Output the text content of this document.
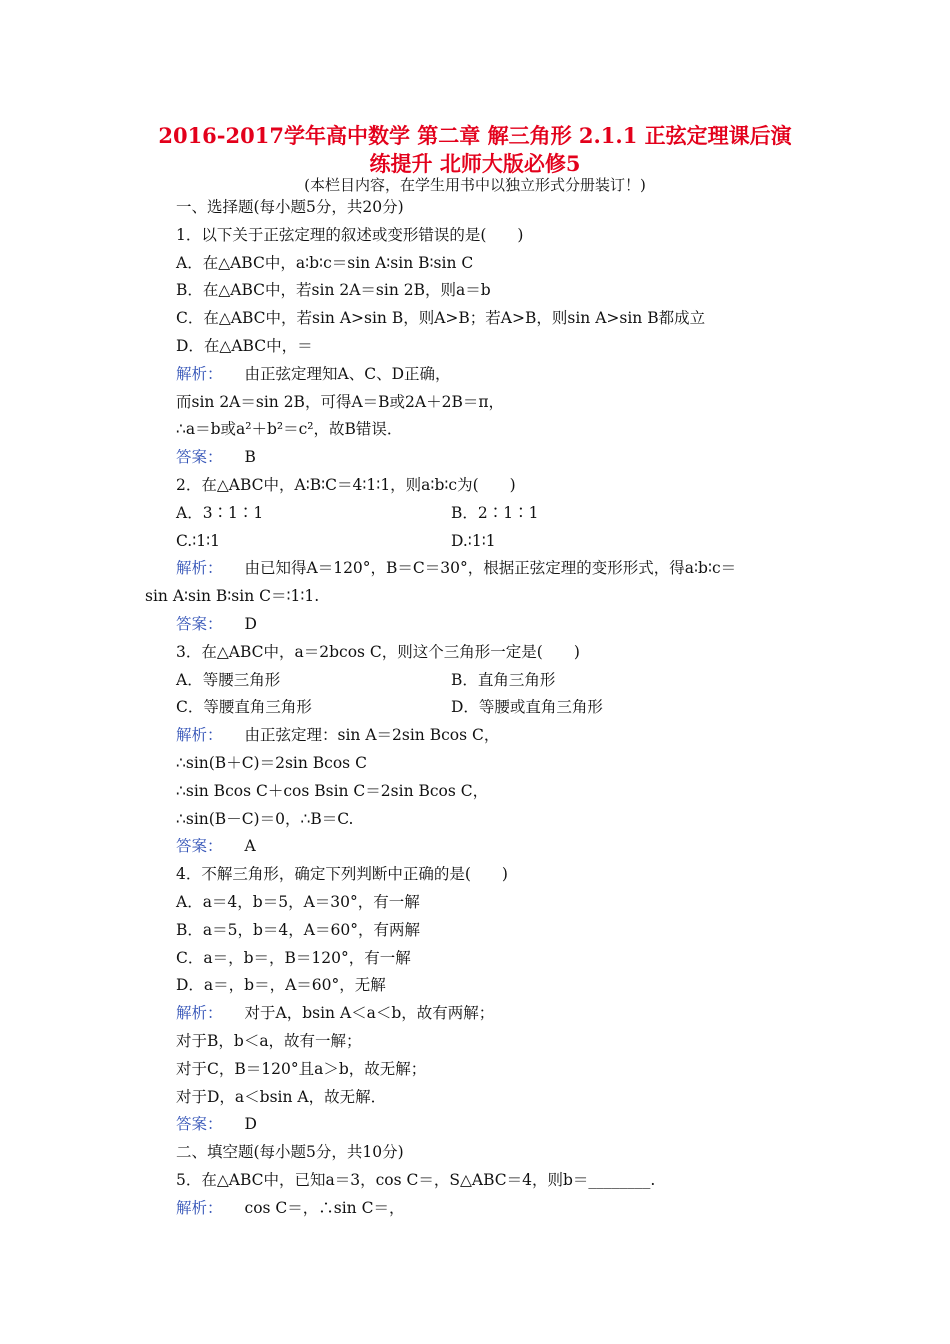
2016-2017学年高中数学 第二章 解三角形 2.1.1 正弦定理课后演
练提升 北师大版必修5
(本栏目内容，在学生用书中以独立形式分册装订！)
一、选择题(每小题5分，共20分)
1．以下关于正弦定理的叙述或变形错误的是(　　)
A．在△ABC中，a∶b∶c＝sin A∶sin B∶sin C
B．在△ABC中，若sin 2A＝sin 2B，则a＝b
C．在△ABC中，若sin A>sin B，则A>B；若A>B，则sin A>sin B都成立
D．在△ABC中，＝
解析： 由正弦定理知A、C、D正确，
而sin 2A＝sin 2B，可得A＝B或2A＋2B＝π，
∴a＝b或a²＋b²＝c²，故B错误．
答案： B
2．在△ABC中，A∶B∶C＝4∶1∶1，则a∶b∶c为(　　)
A．3∶1∶1	B．2∶1∶1
C.∶1∶1	D.∶1∶1
解析： 由已知得A＝120°，B＝C＝30°，根据正弦定理的变形形式，得a∶b∶c＝
sin A∶sin B∶sin C＝∶1∶1.
答案： D
3．在△ABC中，a＝2bcos C，则这个三角形一定是(　　)
A．等腰三角形	B．直角三角形
C．等腰直角三角形	D．等腰或直角三角形
解析： 由正弦定理：sin A＝2sin Bcos C，
∴sin(B＋C)＝2sin Bcos C
∴sin Bcos C＋cos Bsin C＝2sin Bcos C，
∴sin(B－C)＝0，∴B＝C.
答案： A
4．不解三角形，确定下列判断中正确的是(　　)
A．a＝4，b＝5，A＝30°，有一解
B．a＝5，b＝4，A＝60°，有两解
C．a＝，b＝，B＝120°，有一解
D．a＝，b＝，A＝60°，无解
解析： 对于A，bsin A＜a＜b，故有两解；
对于B，b＜a，故有一解；
对于C，B＝120°且a＞b，故无解；
对于D，a＜bsin A，故无解．
答案： D
二、填空题(每小题5分，共10分)
5．在△ABC中，已知a＝3，cos C＝，S△ABC＝4，则b＝________.
解析： cos C＝，∴sin C＝，
